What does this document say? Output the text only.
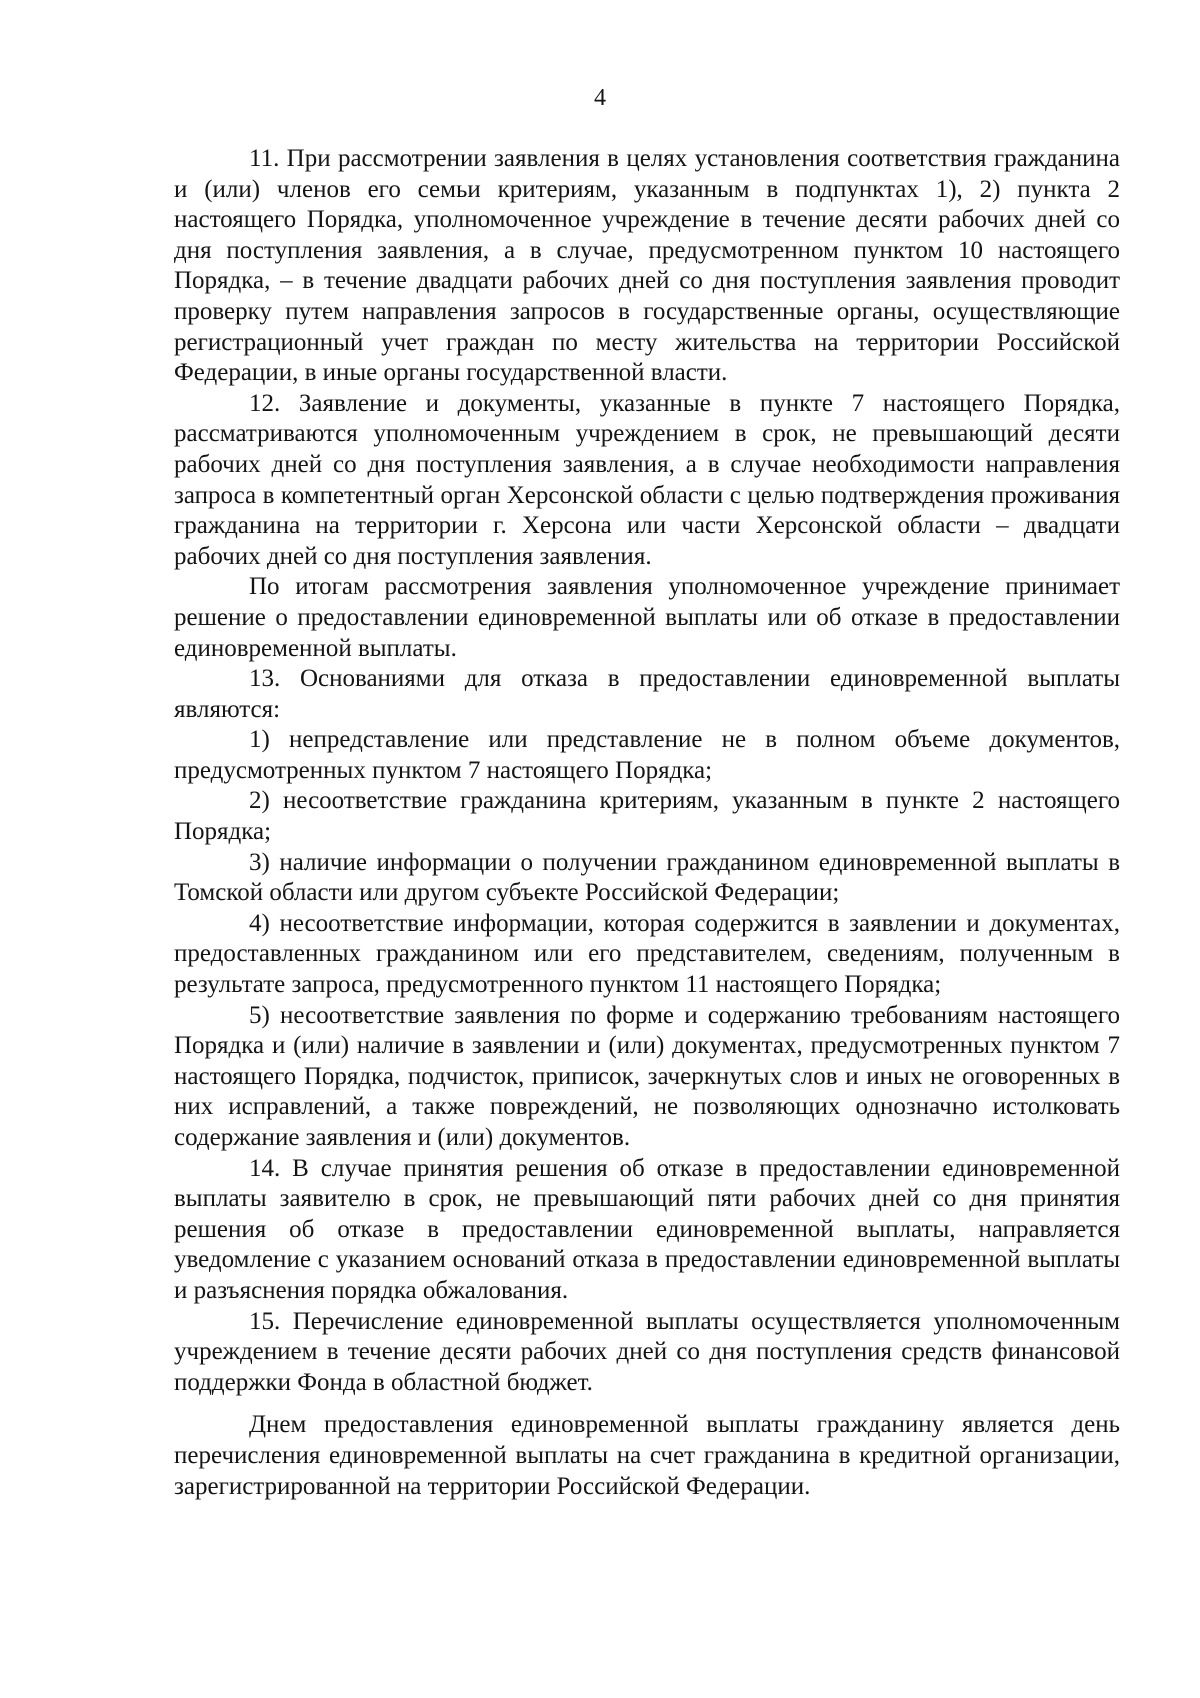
4

11. При рассмотрении заявления в целях установления соответствия гражданина и (или) членов его семьи критериям, указанным в подпунктах 1), 2) пункта 2 настоящего Порядка, уполномоченное учреждение в течение десяти рабочих дней со дня поступления заявления, а в случае, предусмотренном пунктом 10 настоящего Порядка, – в течение двадцати рабочих дней со дня поступления заявления проводит проверку путем направления запросов в государственные органы, осуществляющие регистрационный учет граждан по месту жительства на территории Российской Федерации, в иные органы государственной власти.

12. Заявление и документы, указанные в пункте 7 настоящего Порядка, рассматриваются уполномоченным учреждением в срок, не превышающий десяти рабочих дней со дня поступления заявления, а в случае необходимости направления запроса в компетентный орган Херсонской области с целью подтверждения проживания гражданина на территории г. Херсона или части Херсонской области – двадцати рабочих дней со дня поступления заявления.

По итогам рассмотрения заявления уполномоченное учреждение принимает решение о предоставлении единовременной выплаты или об отказе в предоставлении единовременной выплаты.

13. Основаниями для отказа в предоставлении единовременной выплаты являются:

1) непредставление или представление не в полном объеме документов, предусмотренных пунктом 7 настоящего Порядка;

2) несоответствие гражданина критериям, указанным в пункте 2 настоящего Порядка;

3) наличие информации о получении гражданином единовременной выплаты в Томской области или другом субъекте Российской Федерации;

4) несоответствие информации, которая содержится в заявлении и документах, предоставленных гражданином или его представителем, сведениям, полученным в результате запроса, предусмотренного пунктом 11 настоящего Порядка;

5) несоответствие заявления по форме и содержанию требованиям настоящего Порядка и (или) наличие в заявлении и (или) документах, предусмотренных пунктом 7 настоящего Порядка, подчисток, приписок, зачеркнутых слов и иных не оговоренных в них исправлений, а также повреждений, не позволяющих однозначно истолковать содержание заявления и (или) документов.

14. В случае принятия решения об отказе в предоставлении единовременной выплаты заявителю в срок, не превышающий пяти рабочих дней со дня принятия решения об отказе в предоставлении единовременной выплаты, направляется уведомление с указанием оснований отказа в предоставлении единовременной выплаты и разъяснения порядка обжалования.

15. Перечисление единовременной выплаты осуществляется уполномоченным учреждением в течение десяти рабочих дней со дня поступления средств финансовой поддержки Фонда в областной бюджет.

Днем предоставления единовременной выплаты гражданину является день перечисления единовременной выплаты на счет гражданина в кредитной организации, зарегистрированной на территории Российской Федерации.
